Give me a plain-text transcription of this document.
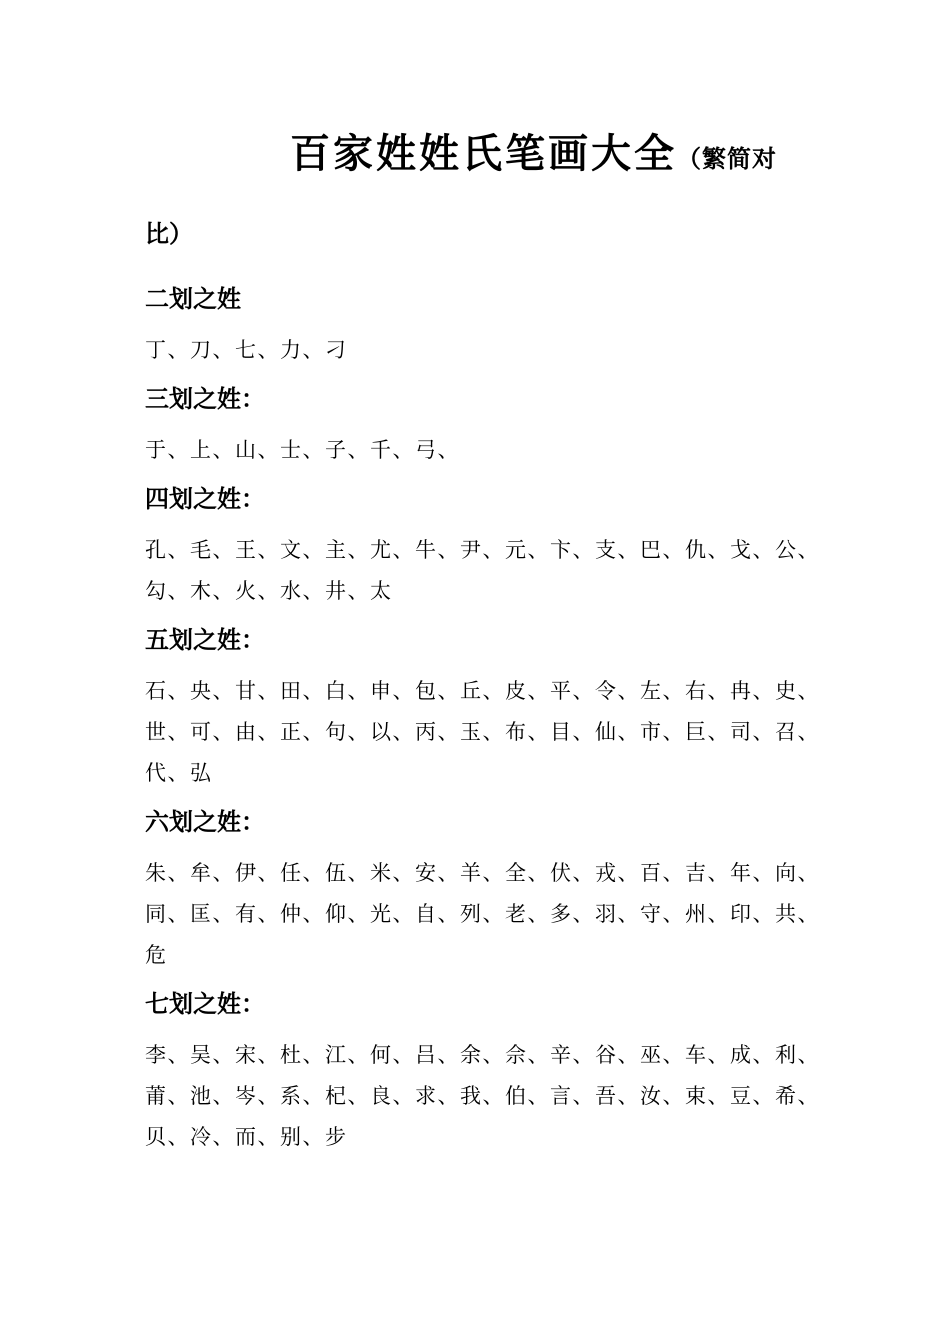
百家姓姓氏笔画大全（繁简对
比）

二划之姓

丁、刀、七、力、刁

三划之姓：

于、上、山、士、子、千、弓、

四划之姓：

孔、毛、王、文、主、尤、牛、尹、元、卞、支、巴、仇、戈、公、勾、木、火、水、井、太

五划之姓：

石、央、甘、田、白、申、包、丘、皮、平、令、左、右、冉、史、世、可、由、正、句、以、丙、玉、布、目、仙、市、巨、司、召、代、弘

六划之姓：

朱、牟、伊、任、伍、米、安、羊、全、伏、戎、百、吉、年、向、同、匡、有、仲、仰、光、自、列、老、多、羽、守、州、印、共、危

七划之姓：

李、吴、宋、杜、江、何、吕、余、佘、辛、谷、巫、车、成、利、莆、池、岑、系、杞、良、求、我、伯、言、吾、汝、束、豆、希、贝、冷、而、别、步
